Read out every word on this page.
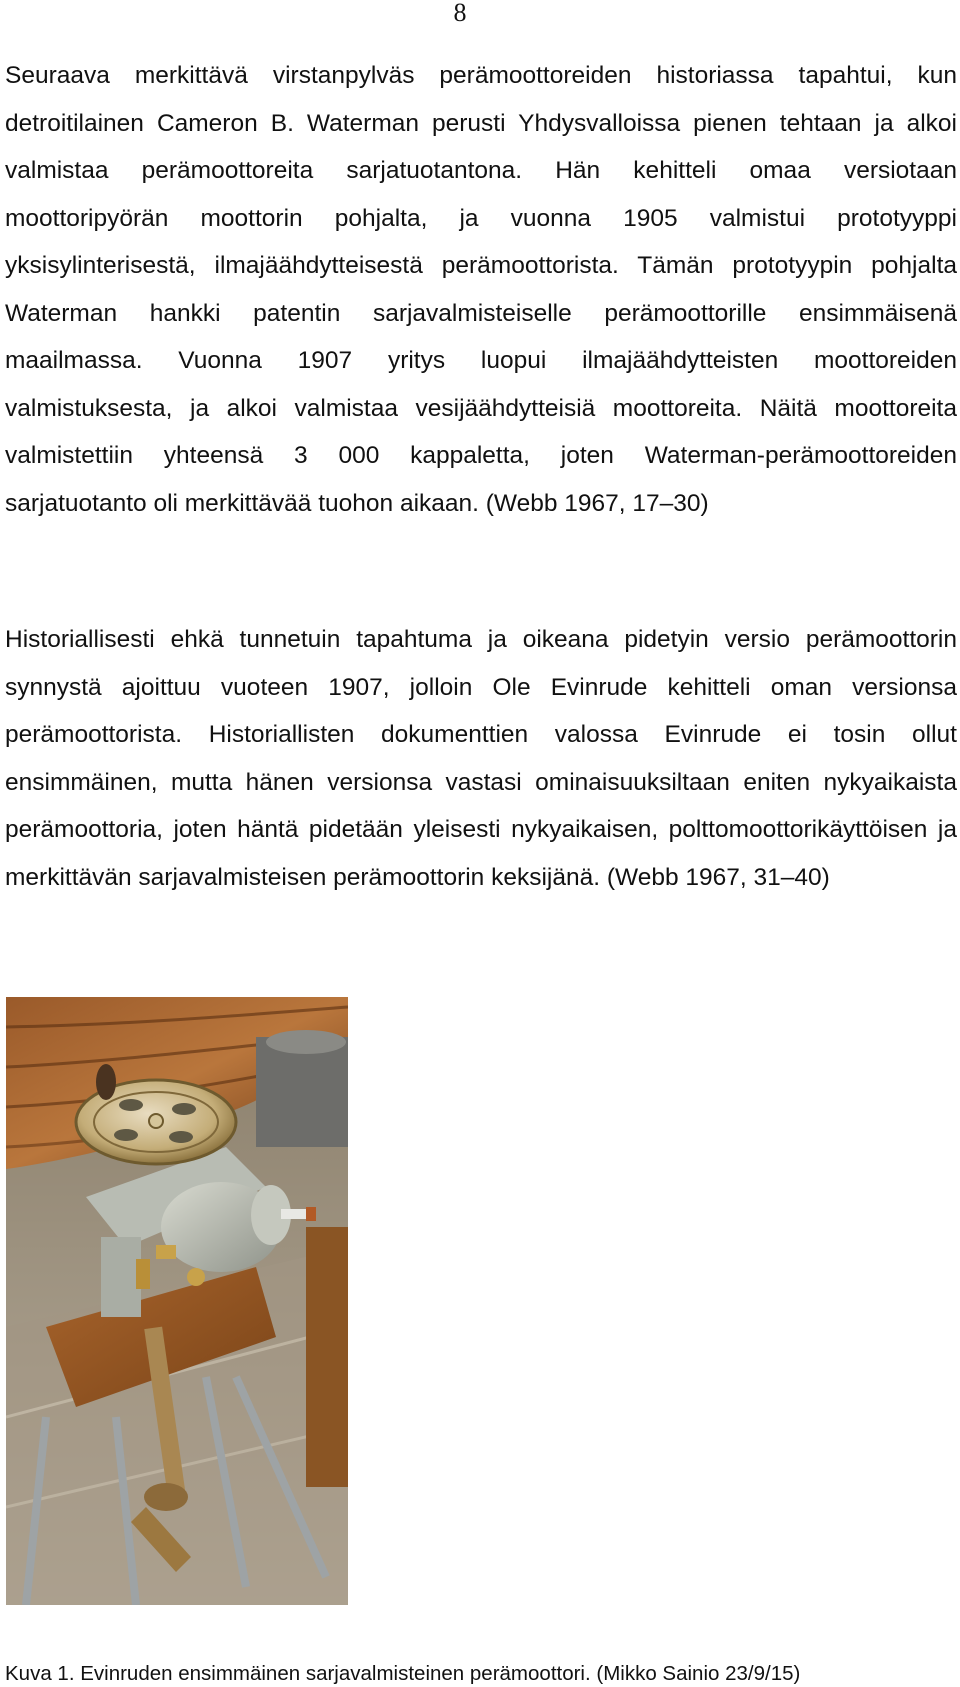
8

Seuraava merkittävä virstanpylväs perämoottoreiden historiassa tapahtui, kun detroitilainen Cameron B. Waterman perusti Yhdysvalloissa pienen tehtaan ja alkoi valmistaa perämoottoreita sarjatuotantona. Hän kehitteli omaa versiotaan moottoripyörän moottorin pohjalta, ja vuonna 1905 valmistui prototyyppi yksisylinterisestä, ilmajäähdytteisestä perämoottorista. Tämän prototyypin pohjalta Waterman hankki patentin sarjavalmisteiselle perämoottorille ensimmäisenä maailmassa. Vuonna 1907 yritys luopui ilmajäähdytteisten moottoreiden valmistuksesta, ja alkoi valmistaa vesijäähdytteisiä moottoreita. Näitä moottoreita valmistettiin yhteensä 3 000 kappaletta, joten Waterman-perämoottoreiden sarjatuotanto oli merkittävää tuohon aikaan. (Webb 1967, 17–30)

Historiallisesti ehkä tunnetuin tapahtuma ja oikeana pidetyin versio perämoottorin synnystä ajoittuu vuoteen 1907, jolloin Ole Evinrude kehitteli oman versionsa perämoottorista. Historiallisten dokumenttien valossa Evinrude ei tosin ollut ensimmäinen, mutta hänen versionsa vastasi ominaisuuksiltaan eniten nykyaikaista perämoottoria, joten häntä pidetään yleisesti nykyaikaisen, polttomoottorikäyttöisen ja merkittävän sarjavalmisteisen perämoottorin keksijänä. (Webb 1967, 31–40)

Kuva 1. Evinruden ensimmäinen sarjavalmisteinen perämoottori. (Mikko Sainio 23/9/15)
